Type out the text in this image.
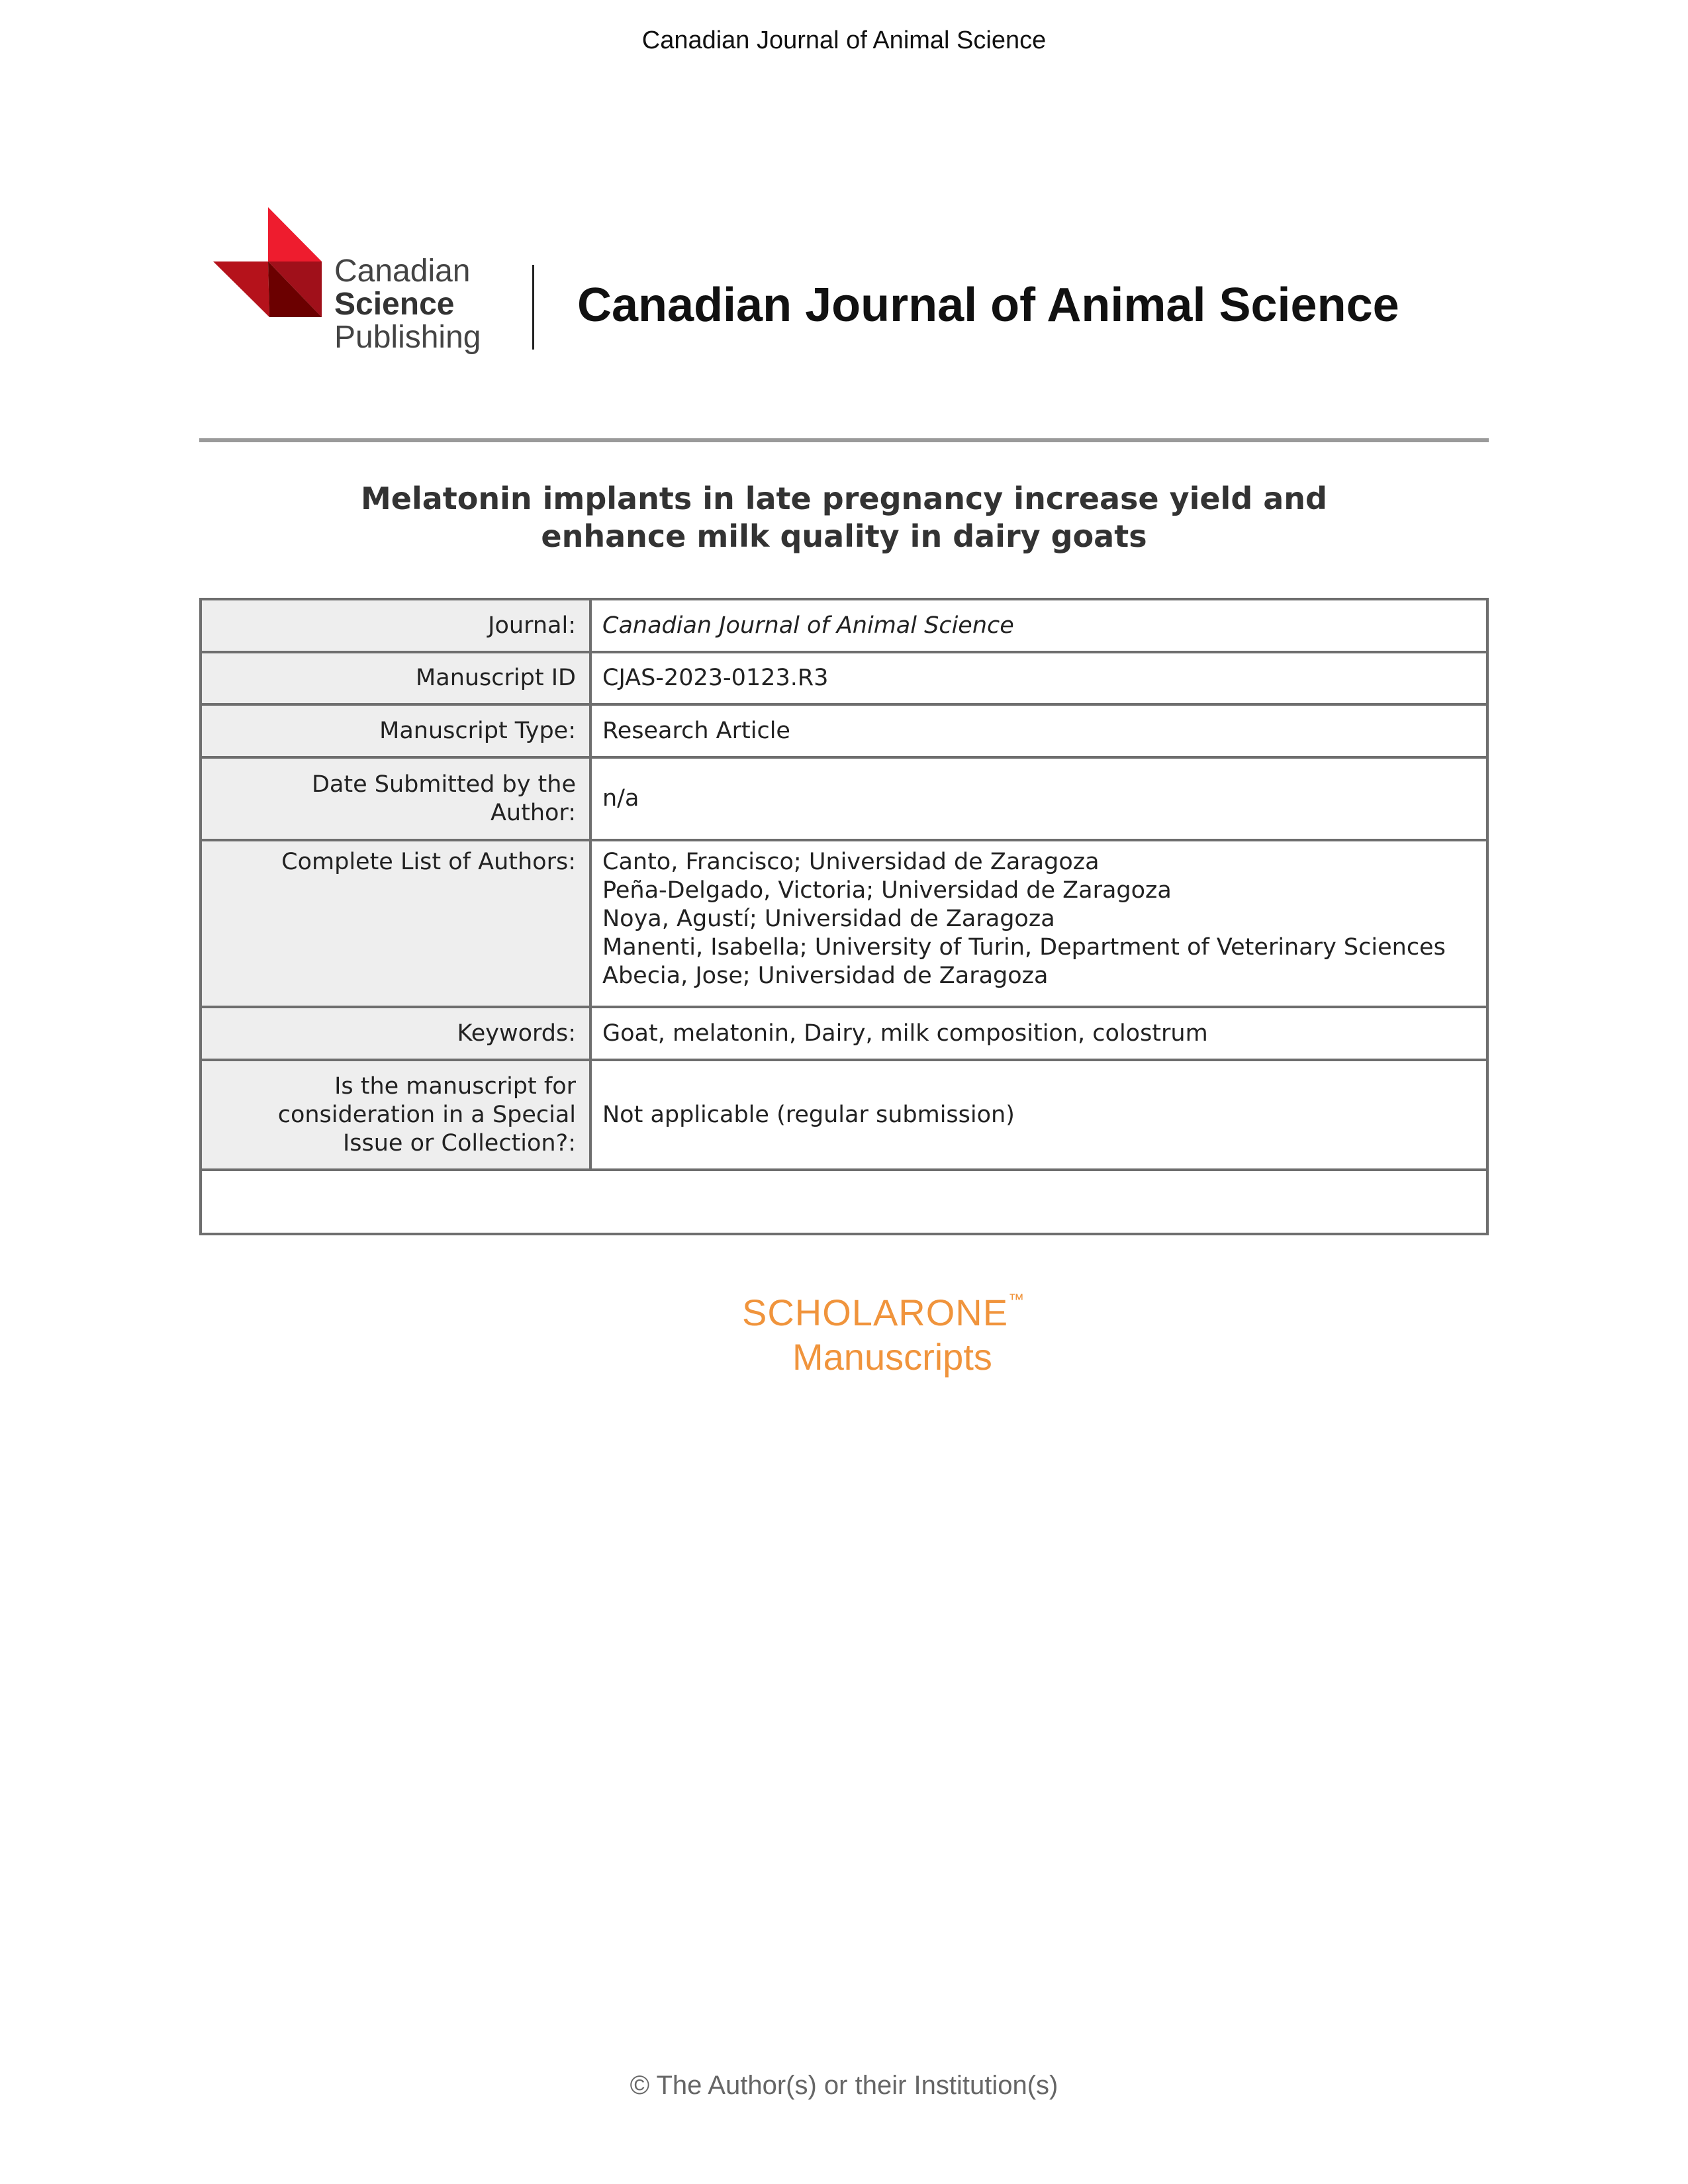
Canadian Journal of Animal Science
Canadian
Science
Publishing
Canadian Journal of Animal Science
Melatonin implants in late pregnancy increase yield and
enhance milk quality in dairy goats
Journal:	Canadian Journal of Animal Science
Manuscript ID	CJAS-2023-0123.R3
Manuscript Type:	Research Article

Date Submitted by the
Author:	n/a
Complete List of Authors:	Canto, Francisco; Universidad de Zaragoza
Peña-Delgado, Victoria; Universidad de Zaragoza
Noya, Agustí; Universidad de Zaragoza
Manenti, Isabella; University of Turin, Department of Veterinary Sciences
Abecia, Jose; Universidad de Zaragoza

Keywords:	Goat, melatonin, Dairy, milk composition, colostrum

Is the manuscript for
consideration in a Special
Issue or Collection?:	Not applicable (regular submission)

SCHOLARONE™
Manuscripts
© The Author(s) or their Institution(s)
